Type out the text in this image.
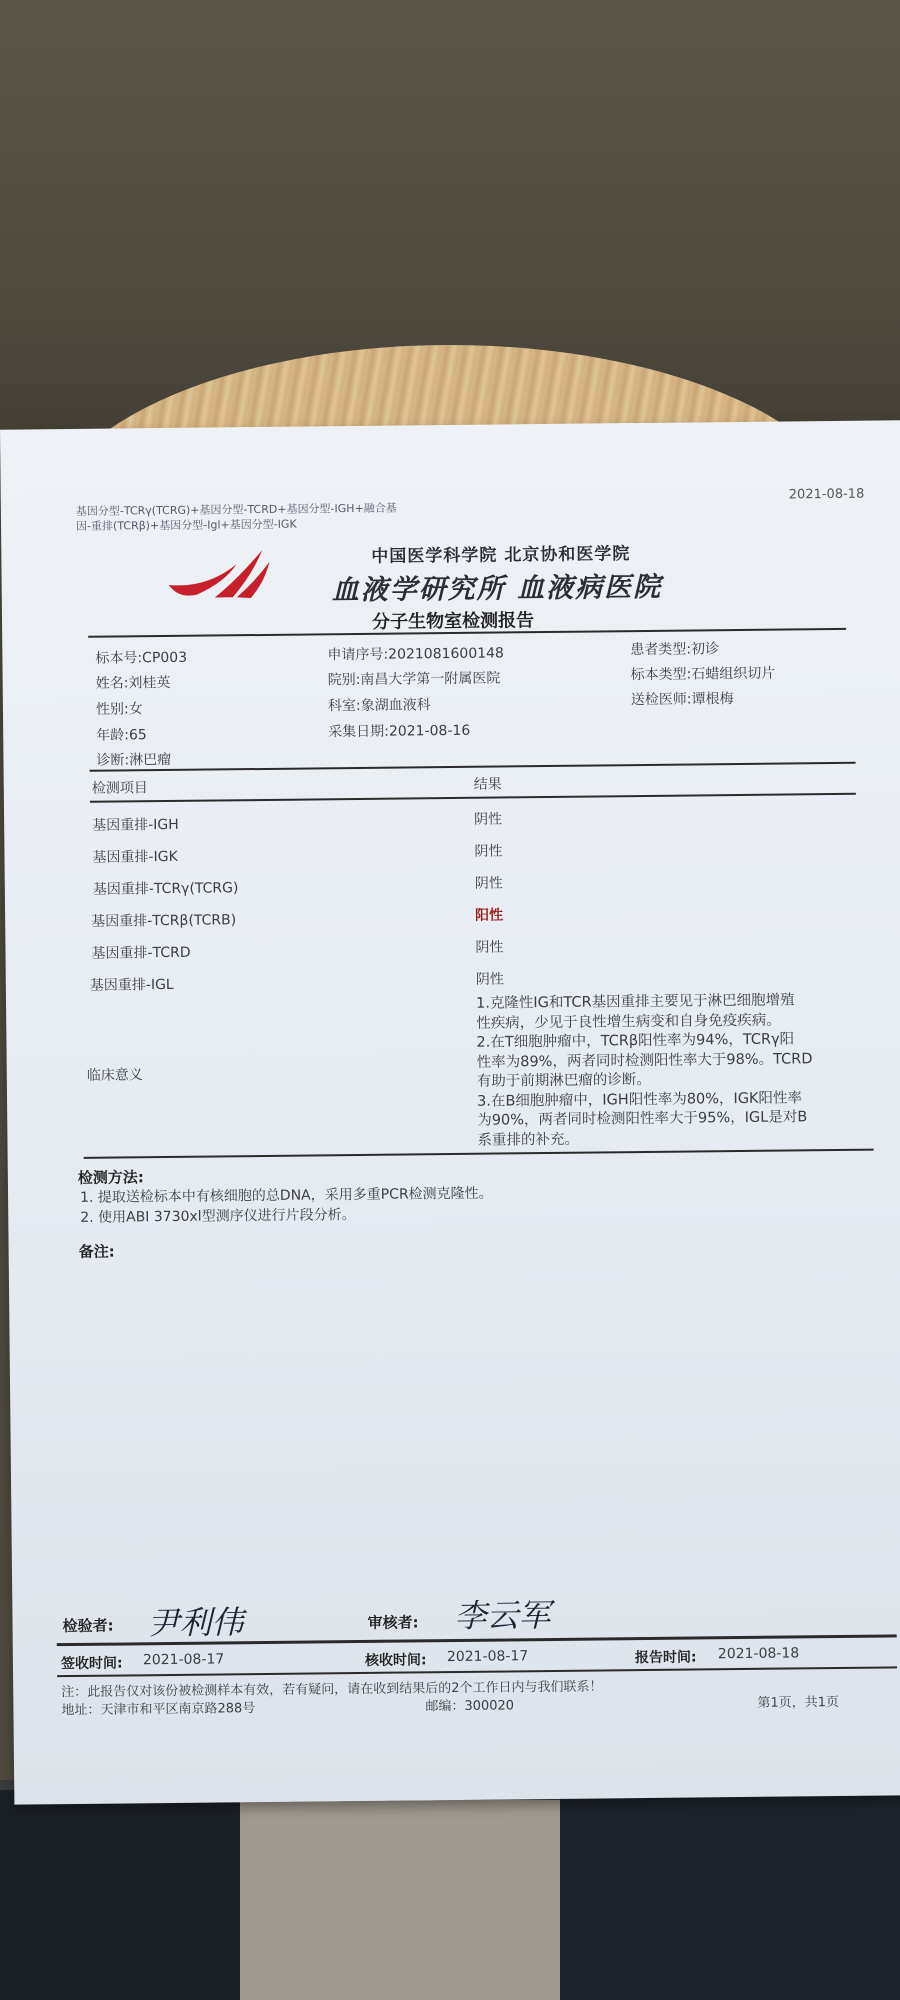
基因分型-TCRγ(TCRG)+基因分型-TCRD+基因分型-IGH+融合基
因-重排(TCRβ)+基因分型-Igl+基因分型-IGK
2021-08-18
中国医学科学院 北京协和医学院
血液学研究所 血液病医院
分子生物室检测报告
标本号:CP003	申请序号:2021081600148	患者类型:初诊
姓名:刘桂英	院别:南昌大学第一附属医院	标本类型:石蜡组织切片
性别:女	科室:象湖血液科	送检医师:谭根梅
年龄:65	采集日期:2021-08-16
诊断:淋巴瘤
检测项目	结果
基因重排-IGH	阴性
基因重排-IGK	阴性
基因重排-TCRγ(TCRG)	阴性
基因重排-TCRβ(TCRB)	阳性
基因重排-TCRD	阴性
基因重排-IGL	阴性
临床意义
1.克隆性IG和TCR基因重排主要见于淋巴细胞增殖
性疾病，少见于良性增生病变和自身免疫疾病。
2.在T细胞肿瘤中，TCRβ阳性率为94%，TCRγ阳
性率为89%，两者同时检测阳性率大于98%。TCRD
有助于前期淋巴瘤的诊断。
3.在B细胞肿瘤中，IGH阳性率为80%，IGK阳性率
为90%，两者同时检测阳性率大于95%，IGL是对B
系重排的补充。
检测方法:
1. 提取送检标本中有核细胞的总DNA，采用多重PCR检测克隆性。
2. 使用ABI 3730xl型测序仪进行片段分析。
备注:
检验者: 尹利伟	审核者: 李云军
签收时间: 2021-08-17	核收时间: 2021-08-17	报告时间: 2021-08-18
注：此报告仅对该份被检测样本有效，若有疑问，请在收到结果后的2个工作日内与我们联系！
地址：天津市和平区南京路288号	邮编：300020	第1页，共1页
